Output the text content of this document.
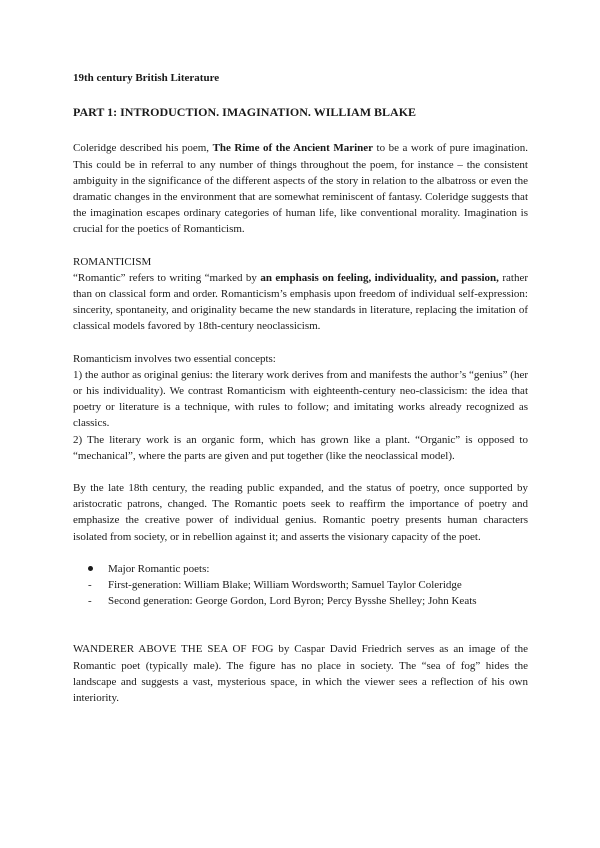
19th century British Literature

PART 1: INTRODUCTION. IMAGINATION. WILLIAM BLAKE

Coleridge described his poem, The Rime of the Ancient Mariner to be a work of pure imagination. This could be in referral to any number of things throughout the poem, for instance – the consistent ambiguity in the significance of the different aspects of the story in relation to the albatross or even the dramatic changes in the environment that are somewhat reminiscent of fantasy. Coleridge suggests that the imagination escapes ordinary categories of human life, like conventional morality. Imagination is crucial for the poetics of Romanticism.

ROMANTICISM

“Romantic” refers to writing “marked by an emphasis on feeling, individuality, and passion, rather than on classical form and order. Romanticism’s emphasis upon freedom of individual self-expression: sincerity, spontaneity, and originality became the new standards in literature, replacing the imitation of classical models favored by 18th-century neoclassicism.

Romanticism involves two essential concepts:

1) the author as original genius: the literary work derives from and manifests the author’s “genius” (her or his individuality). We contrast Romanticism with eighteenth-century neo-classicism: the idea that poetry or literature is a technique, with rules to follow; and imitating works already recognized as classics.

2) The literary work is an organic form, which has grown like a plant. “Organic” is opposed to “mechanical”, where the parts are given and put together (like the neoclassical model).

By the late 18th century, the reading public expanded, and the status of poetry, once supported by aristocratic patrons, changed. The Romantic poets seek to reaffirm the importance of poetry and emphasize the creative power of individual genius. Romantic poetry presents human characters isolated from society, or in rebellion against it; and asserts the visionary capacity of the poet.

Major Romantic poets:
-	First-generation: William Blake; William Wordsworth; Samuel Taylor Coleridge
-	Second generation: George Gordon, Lord Byron; Percy Bysshe Shelley; John Keats

WANDERER ABOVE THE SEA OF FOG by Caspar David Friedrich serves as an image of the Romantic poet (typically male). The figure has no place in society. The “sea of fog” hides the landscape and suggests a vast, mysterious space, in which the viewer sees a reflection of his own interiority.
